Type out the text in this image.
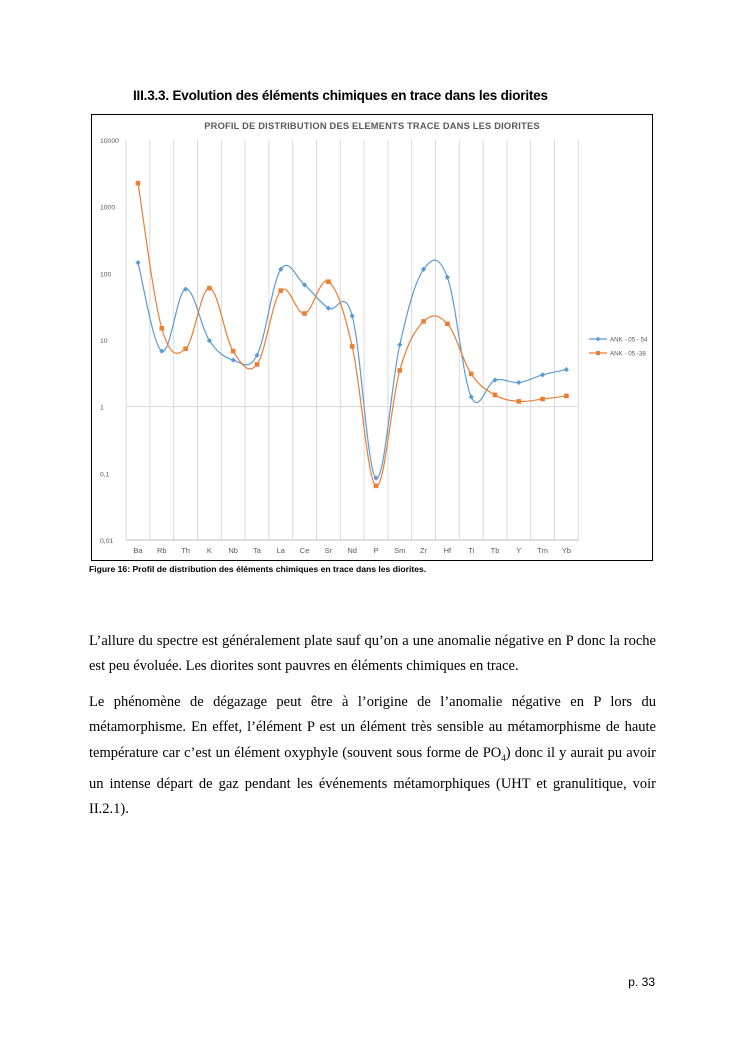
III.3.3. Evolution des éléments chimiques en trace dans les diorites
PROFIL DE DISTRIBUTION DES ELEMENTS TRACE DANS LES DIORITES
10000
1000
100
10
1
0,1
0,01
Ba Rb Th K Nb Ta La Ce Sr Nd P Sm Zr Hf Ti Tb Y Tm Yb
ANK - 05 - 54
ANK - 05 -38
Figure 16: Profil de distribution des éléments chimiques en trace dans les diorites.

L’allure du spectre est généralement plate sauf qu’on a une anomalie négative en P donc la roche est peu évoluée. Les diorites sont pauvres en éléments chimiques en trace.

Le phénomène de dégazage peut être à l’origine de l’anomalie négative en P lors du métamorphisme. En effet, l’élément P est un élément très sensible au métamorphisme de haute température car c’est un élément oxyphyle (souvent sous forme de $PO_4$) donc il y aurait pu avoir un intense départ de gaz pendant les événements métamorphiques (UHT et granulitique, voir II.2.1).

p. 33
